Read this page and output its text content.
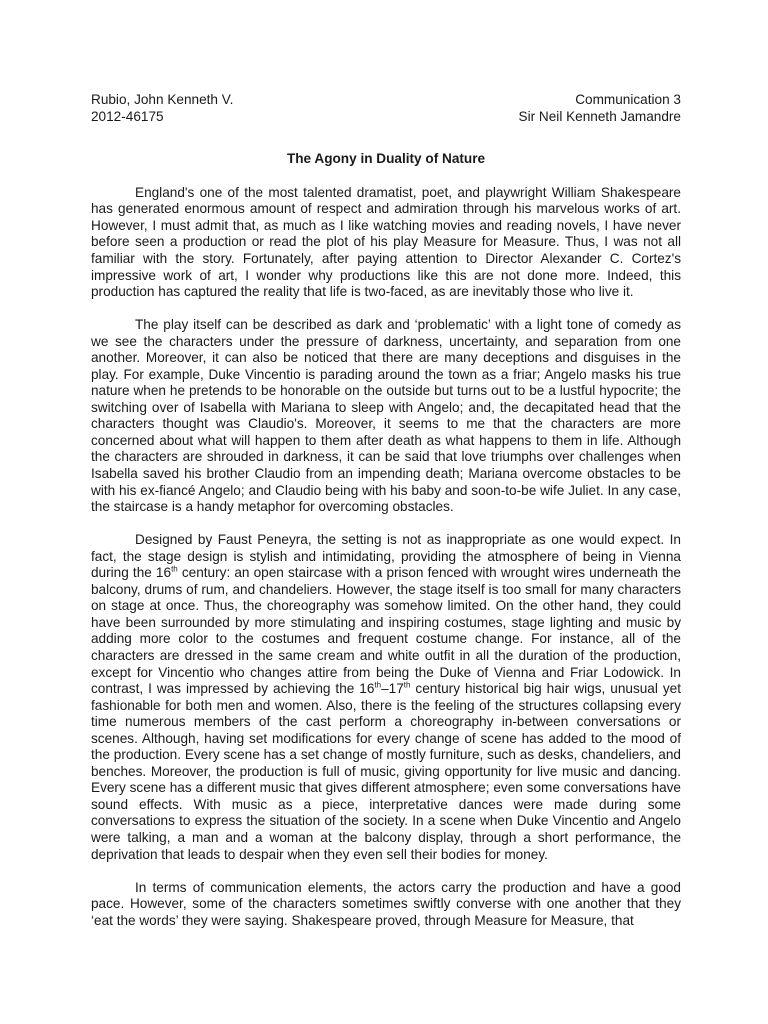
Rubio, John Kenneth V.
2012-46175
Communication 3
Sir Neil Kenneth Jamandre
The Agony in Duality of Nature

England's one of the most talented dramatist, poet, and playwright William Shakespeare has generated enormous amount of respect and admiration through his marvelous works of art. However, I must admit that, as much as I like watching movies and reading novels, I have never before seen a production or read the plot of his play Measure for Measure. Thus, I was not all familiar with the story. Fortunately, after paying attention to Director Alexander C. Cortez's impressive work of art, I wonder why productions like this are not done more. Indeed, this production has captured the reality that life is two-faced, as are inevitably those who live it.

The play itself can be described as dark and ‘problematic’ with a light tone of comedy as we see the characters under the pressure of darkness, uncertainty, and separation from one another. Moreover, it can also be noticed that there are many deceptions and disguises in the play. For example, Duke Vincentio is parading around the town as a friar; Angelo masks his true nature when he pretends to be honorable on the outside but turns out to be a lustful hypocrite; the switching over of Isabella with Mariana to sleep with Angelo; and, the decapitated head that the characters thought was Claudio's. Moreover, it seems to me that the characters are more concerned about what will happen to them after death as what happens to them in life. Although the characters are shrouded in darkness, it can be said that love triumphs over challenges when Isabella saved his brother Claudio from an impending death; Mariana overcome obstacles to be with his ex-fiancé Angelo; and Claudio being with his baby and soon-to-be wife Juliet. In any case, the staircase is a handy metaphor for overcoming obstacles.

Designed by Faust Peneyra, the setting is not as inappropriate as one would expect. In fact, the stage design is stylish and intimidating, providing the atmosphere of being in Vienna during the 16th century: an open staircase with a prison fenced with wrought wires underneath the balcony, drums of rum, and chandeliers. However, the stage itself is too small for many characters on stage at once. Thus, the choreography was somehow limited. On the other hand, they could have been surrounded by more stimulating and inspiring costumes, stage lighting and music by adding more color to the costumes and frequent costume change. For instance, all of the characters are dressed in the same cream and white outfit in all the duration of the production, except for Vincentio who changes attire from being the Duke of Vienna and Friar Lodowick. In contrast, I was impressed by achieving the 16th–17th century historical big hair wigs, unusual yet fashionable for both men and women. Also, there is the feeling of the structures collapsing every time numerous members of the cast perform a choreography in-between conversations or scenes. Although, having set modifications for every change of scene has added to the mood of the production. Every scene has a set change of mostly furniture, such as desks, chandeliers, and benches. Moreover, the production is full of music, giving opportunity for live music and dancing. Every scene has a different music that gives different atmosphere; even some conversations have sound effects. With music as a piece, interpretative dances were made during some conversations to express the situation of the society. In a scene when Duke Vincentio and Angelo were talking, a man and a woman at the balcony display, through a short performance, the deprivation that leads to despair when they even sell their bodies for money.

In terms of communication elements, the actors carry the production and have a good pace. However, some of the characters sometimes swiftly converse with one another that they ‘eat the words’ they were saying. Shakespeare proved, through Measure for Measure, that
